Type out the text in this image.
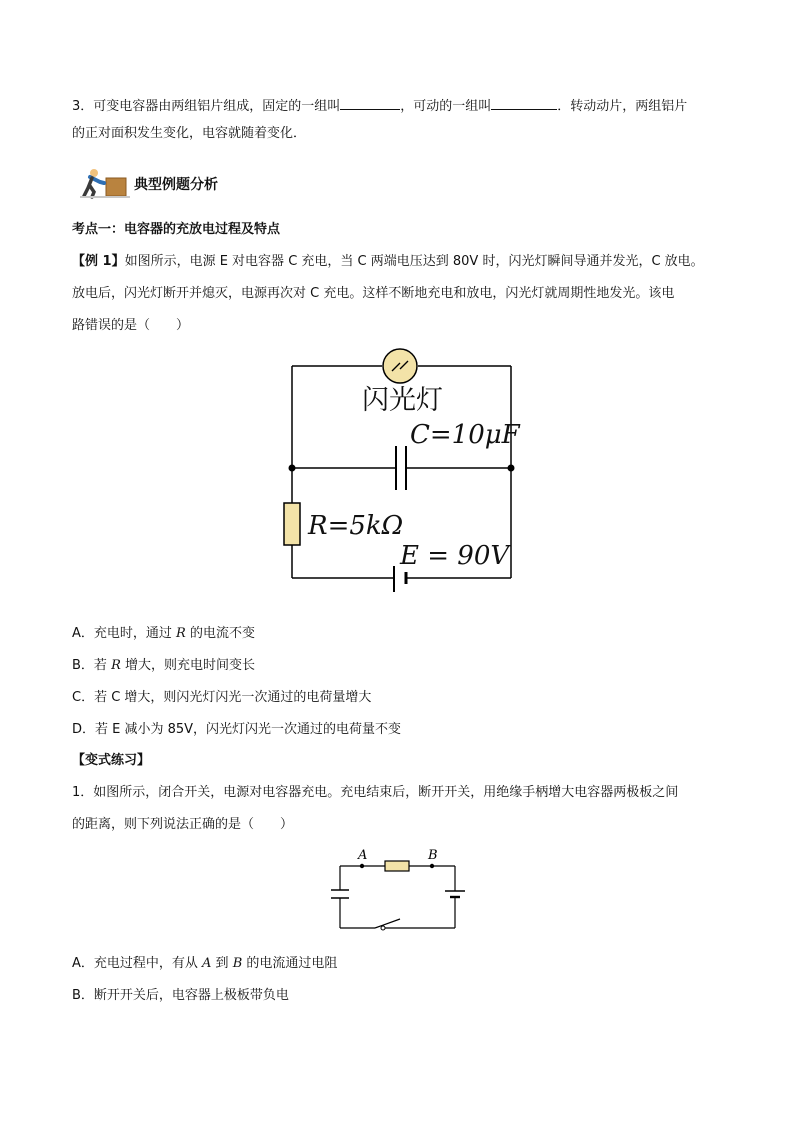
3．可变电容器由两组铝片组成，固定的一组叫	，可动的一组叫	．转动动片，两组铝片
的正对面积发生变化，电容就随着变化．
典型例题分析
考点一：电容器的充放电过程及特点
【例 1】如图所示，电源 E 对电容器 C 充电，当 C 两端电压达到 80V 时，闪光灯瞬间导通并发光，C 放电。
放电后，闪光灯断开并熄灭，电源再次对 C 充电。这样不断地充电和放电，闪光灯就周期性地发光。该电
路错误的是（　　）
闪光灯
C=10μF
R=5kΩ
E = 90V
A．充电时，通过 R 的电流不变
B．若 R 增大，则充电时间变长
C．若 C 增大，则闪光灯闪光一次通过的电荷量增大
D．若 E 减小为 85V，闪光灯闪光一次通过的电荷量不变
【变式练习】
1．如图所示，闭合开关，电源对电容器充电。充电结束后，断开开关，用绝缘手柄增大电容器两极板之间
的距离，则下列说法正确的是（　　）
A	B
A．充电过程中，有从 A 到 B 的电流通过电阻
B．断开开关后，电容器上极板带负电
